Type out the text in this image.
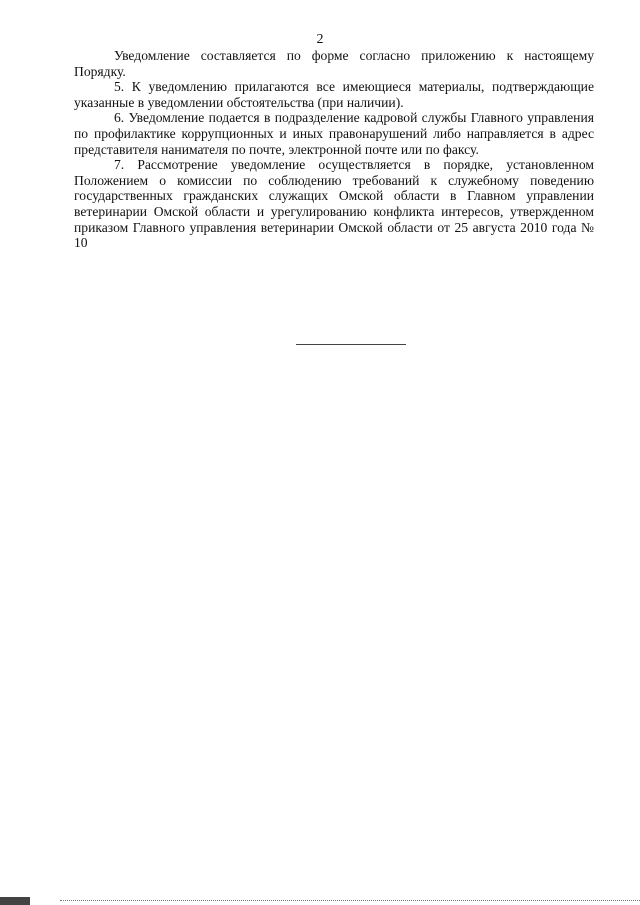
2

Уведомление составляется по форме согласно приложению к настоящему Порядку.

5. К уведомлению прилагаются все имеющиеся материалы, подтверждающие указанные в уведомлении обстоятельства (при наличии).

6. Уведомление подается в подразделение кадровой службы Главного управления по профилактике коррупционных и иных правонарушений либо направляется в адрес представителя нанимателя по почте, электронной почте или по факсу.

7. Рассмотрение уведомление осуществляется в порядке, установленном Положением о комиссии по соблюдению требований к служебному поведению государственных гражданских служащих Омской области в Главном управлении ветеринарии Омской области и урегулированию конфликта интересов, утвержденном приказом Главного управления ветеринарии Омской области от 25 августа 2010 года № 10
